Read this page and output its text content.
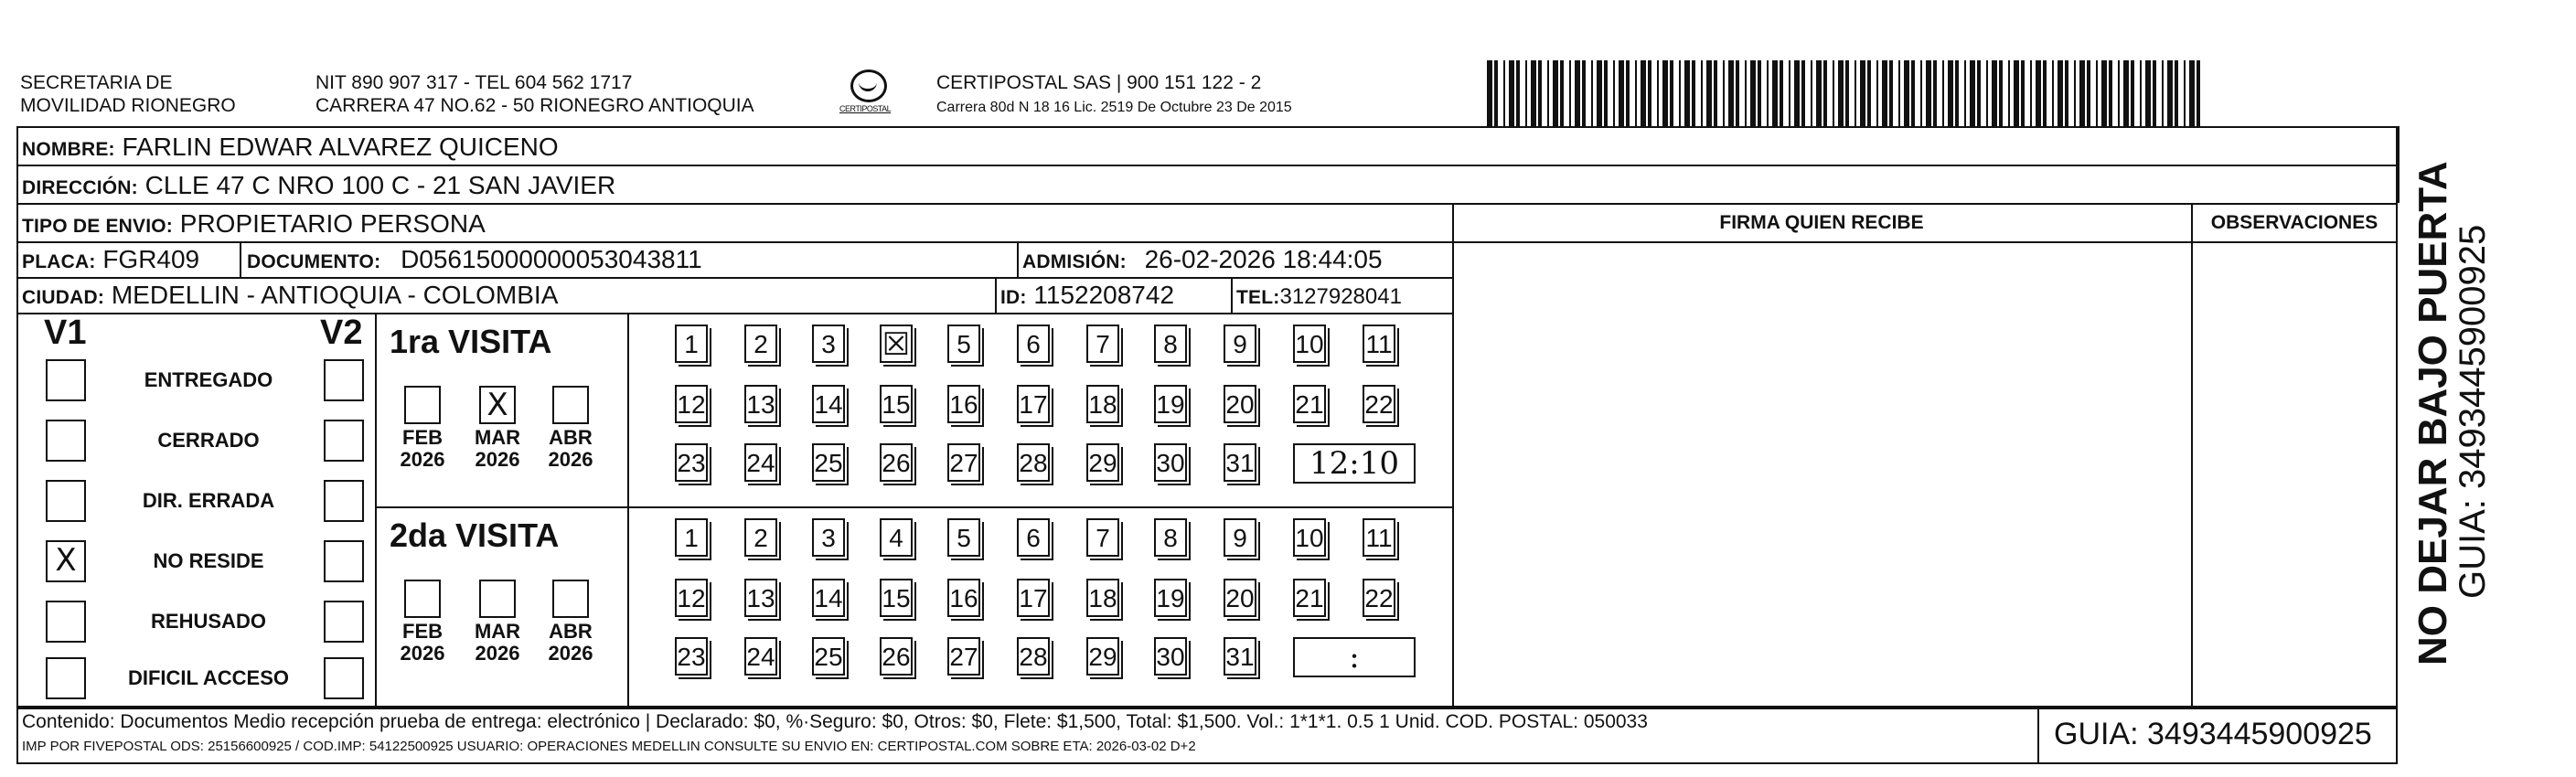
SECRETARIA DE
MOVILIDAD RIONEGRO
NIT 890 907 317 - TEL 604 562 1717
CARRERA 47 NO.62 - 50 RIONEGRO ANTIOQUIA	CERTIPOSTAL
CERTIPOSTAL SAS | 900 151 122 - 2
Carrera 80d N 18 16 Lic. 2519 De Octubre 23 De 2015
NOMBRE: FARLIN EDWAR ALVAREZ QUICENO
DIRECCIÓN: CLLE 47 C NRO 100 C - 21 SAN JAVIER
TIPO DE ENVIO: PROPIETARIO PERSONA
PLACA: FGR409 DOCUMENTO: D05615000000053043811	ADMISIÓN: 26-02-2026 18:44:05
CIUDAD: MEDELLIN - ANTIOQUIA - COLOMBIA	ID: 1152208742	TEL:3127928041
FIRMA QUIEN RECIBE	OBSERVACIONES
V1	V2
ENTREGADO
CERRADO
DIR. ERRADA
X	NO RESIDE
REHUSADO
DIFICIL ACCESO
1ra VISITA
FEB
2026
X
MAR
2026
ABR
2026
1	2	3	☒	5	6	7	8	9	10 11
12 13 14 15 16 17 18 19 20 21 22
23 24 25 26 27 28 29 30 31	12:10
2da VISITA
FEB
2026
MAR
2026
ABR
2026
1	2	3	4	5	6	7	8	9	10 11
12 13 14 15 16 17 18 19 20 21 22
23 24 25 26 27 28 29 30 31	:
Contenido: Documentos Medio recepción prueba de entrega: electrónico | Declarado: $0, %·Seguro: $0, Otros: $0, Flete: $1,500, Total: $1,500. Vol.: 1*1*1. 0.5 1 Unid. COD. POSTAL: 050033
IMP POR FIVEPOSTAL ODS: 25156600925 / COD.IMP: 54122500925 USUARIO: OPERACIONES MEDELLIN CONSULTE SU ENVIO EN: CERTIPOSTAL.COM SOBRE ETA: 2026-03-02 D+2	GUIA: 3493445900925
NO DEJAR BAJO PUERTA
GUIA: 3493445900925
